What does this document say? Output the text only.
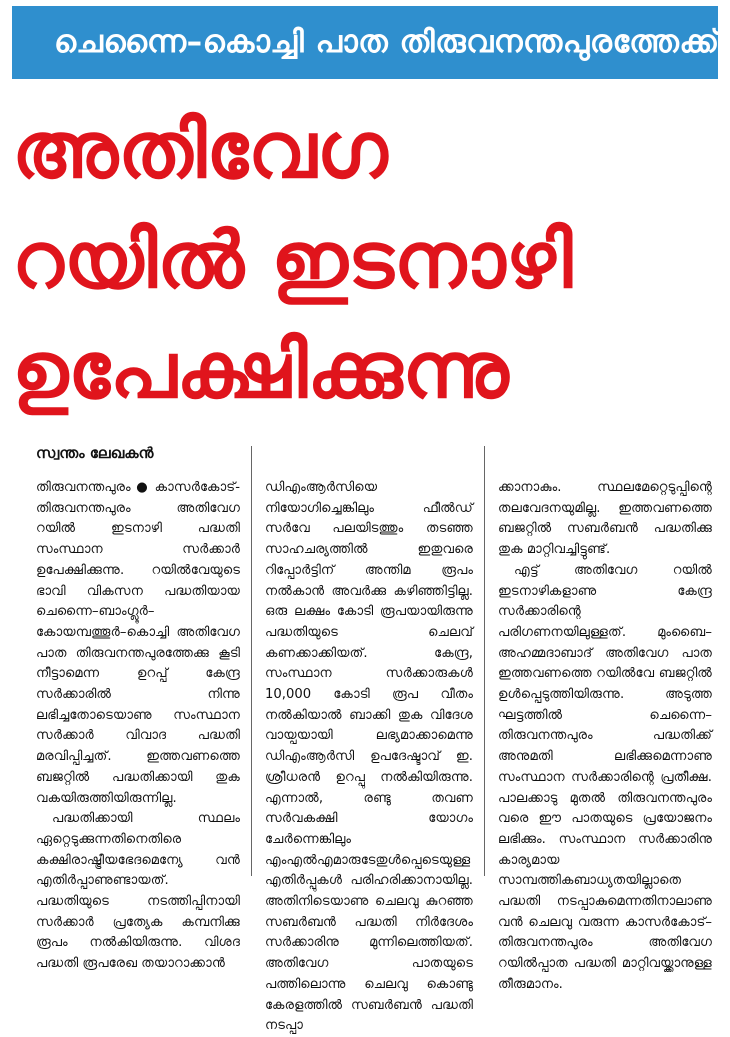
ചെന്നൈ–കൊച്ചി പാത തിരുവനന്തപുരത്തേക്ക്
അതിവേഗ
റയിൽ ഇടനാഴി
ഉപേക്ഷിക്കുന്നു
സ്വന്തം ലേഖകൻ

തിരുവനന്തപുരം ● കാസർകോട്-തിരുവനന്തപുരം അതിവേഗ റയിൽ ഇടനാഴി പദ്ധതി സംസ്ഥാന സർക്കാർ ഉപേക്ഷിക്കുന്നു. റയിൽവേയുടെ ഭാവി വികസന പദ്ധതിയായ ചെന്നൈ–ബാംഗ്ലൂർ–കോയമ്പത്തൂർ–കൊച്ചി അതിവേഗ പാത തിരുവനന്തപുരത്തേക്കു കൂടി നീട്ടാമെന്ന ഉറപ്പ് കേന്ദ്ര സർക്കാരിൽ നിന്നു ലഭിച്ചതോടെയാണു സംസ്ഥാന സർക്കാർ വിവാദ പദ്ധതി മരവിപ്പിച്ചത്. ഇത്തവണത്തെ ബജറ്റിൽ പദ്ധതിക്കായി തുക വകയിരുത്തിയിരുന്നില്ല.

പദ്ധതിക്കായി സ്ഥലം ഏറ്റെടുക്കുന്നതിനെതിരെ കക്ഷിരാഷ്ട്രീയഭേദമെന്യേ വൻ എതിർപ്പാണുണ്ടായത്. പദ്ധതിയുടെ നടത്തിപ്പിനായി സർക്കാർ പ്രത്യേക കമ്പനിക്കു രൂപം നൽകിയിരുന്നു. വിശദ പദ്ധതി രൂപരേഖ തയാറാക്കാൻ

ഡിഎംആർസിയെ നിയോഗിച്ചെങ്കിലും ഫീൽഡ് സർവേ പലയിടത്തും തടഞ്ഞ സാഹചര്യത്തിൽ ഇതുവരെ റിപ്പോർട്ടിന് അന്തിമ രൂപം നൽകാൻ അവർക്കു കഴിഞ്ഞിട്ടില്ല. ഒരു ലക്ഷം കോടി രൂപയായിരുന്നു പദ്ധതിയുടെ ചെലവ് കണക്കാക്കിയത്. കേന്ദ്ര, സംസ്ഥാന സർക്കാരുകൾ 10,000 കോടി രൂപ വീതം നൽകിയാൽ ബാക്കി തുക വിദേശ വായ്പയായി ലഭ്യമാക്കാമെന്നു ഡിഎംആർസി ഉപദേഷ്ടാവ് ഇ. ശ്രീധരൻ ഉറപ്പു നൽകിയിരുന്നു. എന്നാൽ, രണ്ടു തവണ സർവകക്ഷി യോഗം ചേർന്നെങ്കിലും എംഎൽഎമാരുടേതുൾപ്പെടെയുള്ള എതിർപ്പുകൾ പരിഹരിക്കാനായില്ല. അതിനിടെയാണു ചെലവു കുറഞ്ഞ സബർബൻ പദ്ധതി നിർദേശം സർക്കാരിനു മുന്നിലെത്തിയത്. അതിവേഗ പാതയുടെ പത്തിലൊന്നു ചെലവു കൊണ്ടു കേരളത്തിൽ സബർബൻ പദ്ധതി നടപ്പാ

ക്കാനാകും. സ്ഥലമേറ്റെടുപ്പിന്റെ തലവേദനയുമില്ല. ഇത്തവണത്തെ ബജറ്റിൽ സബർബൻ പദ്ധതിക്കു തുക മാറ്റിവച്ചിട്ടുണ്ട്.

എട്ട് അതിവേഗ റയിൽ ഇടനാഴികളാണു കേന്ദ്ര സർക്കാരിന്റെ പരിഗണനയിലുള്ളത്. മുംബൈ–അഹമ്മദാബാദ് അതിവേഗ പാത ഇത്തവണത്തെ റയിൽവേ ബജറ്റിൽ ഉൾപ്പെടുത്തിയിരുന്നു. അടുത്ത ഘട്ടത്തിൽ ചെന്നൈ–തിരുവനന്തപുരം പദ്ധതിക്ക് അനുമതി ലഭിക്കുമെന്നാണു സംസ്ഥാന സർക്കാരിന്റെ പ്രതീക്ഷ. പാലക്കാടു മുതൽ തിരുവനന്തപുരം വരെ ഈ പാതയുടെ പ്രയോജനം ലഭിക്കും. സംസ്ഥാന സർക്കാരിനു കാര്യമായ സാമ്പത്തികബാധ്യതയില്ലാതെ പദ്ധതി നടപ്പാകുമെന്നതിനാലാണു വൻ ചെലവു വരുന്ന കാസർകോട്–തിരുവനന്തപുരം അതിവേഗ റയിൽപ്പാത പദ്ധതി മാറ്റിവയ്ക്കാനുള്ള തീരുമാനം.
